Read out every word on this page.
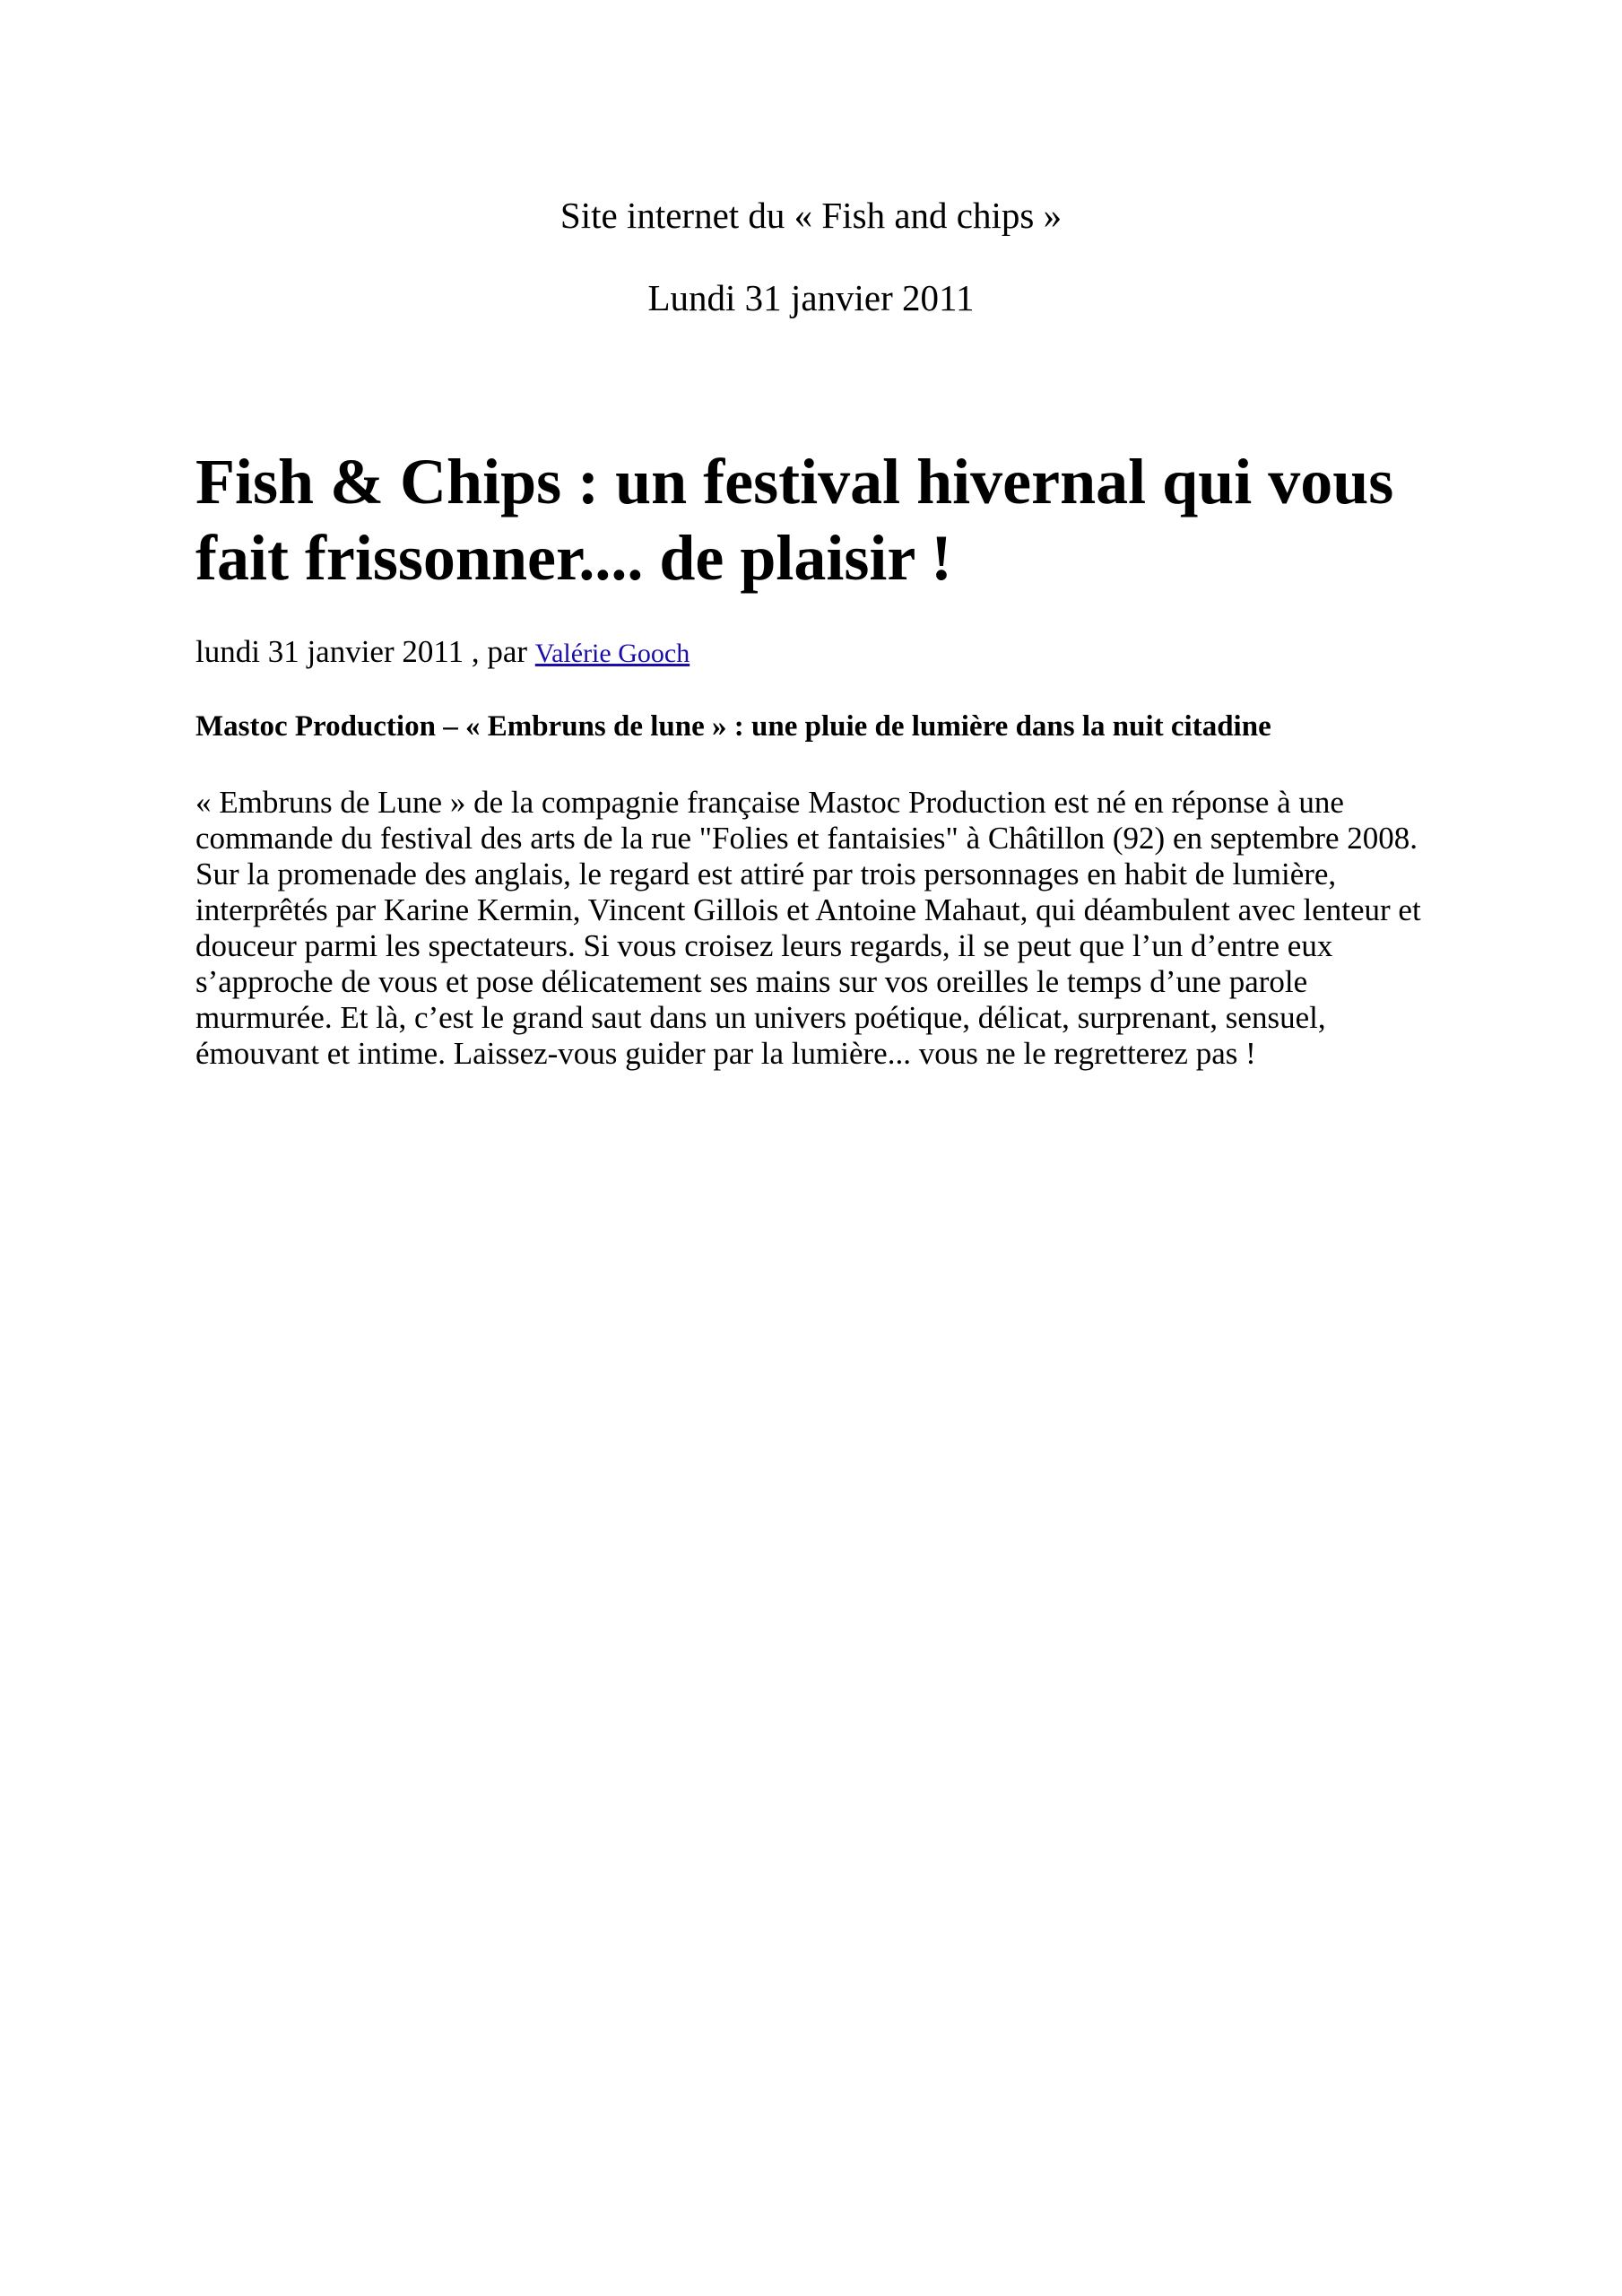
Site internet du « Fish and chips »

Lundi 31 janvier 2011

Fish & Chips : un festival hivernal qui vous fait frissonner.... de plaisir !

lundi 31 janvier 2011 , par Valérie Gooch

Mastoc Production – « Embruns de lune » : une pluie de lumière dans la nuit citadine

« Embruns de Lune » de la compagnie française Mastoc Production est né en réponse à une commande du festival des arts de la rue "Folies et fantaisies" à Châtillon (92) en septembre 2008. Sur la promenade des anglais, le regard est attiré par trois personnages en habit de lumière, interprêtés par Karine Kermin, Vincent Gillois et Antoine Mahaut, qui déambulent avec lenteur et douceur parmi les spectateurs. Si vous croisez leurs regards, il se peut que l’un d’entre eux s’approche de vous et pose délicatement ses mains sur vos oreilles le temps d’une parole murmurée. Et là, c’est le grand saut dans un univers poétique, délicat, surprenant, sensuel, émouvant et intime. Laissez-vous guider par la lumière... vous ne le regretterez pas !
